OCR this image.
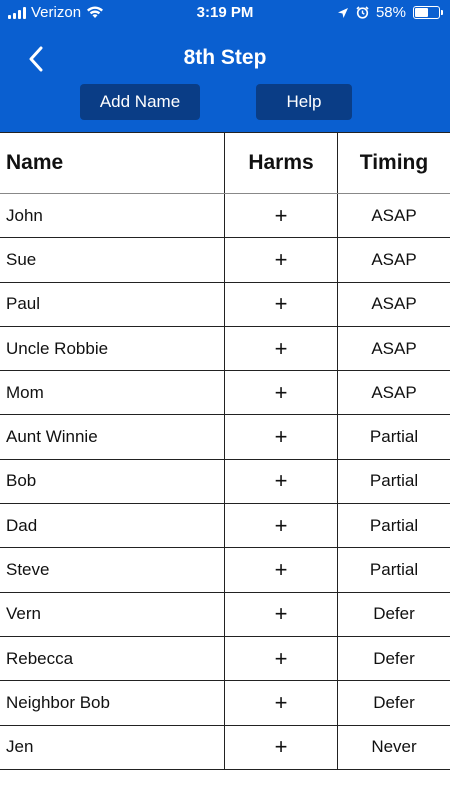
Verizon	3:19 PM	58%
8th Step
Add Name	Help
Name	Harms	Timing
John	+	ASAP
Sue	+	ASAP
Paul	+	ASAP
Uncle Robbie	+	ASAP
Mom	+	ASAP
Aunt Winnie	+	Partial
Bob	+	Partial
Dad	+	Partial
Steve	+	Partial
Vern	+	Defer
Rebecca	+	Defer
Neighbor Bob	+	Defer
Jen	+	Never
